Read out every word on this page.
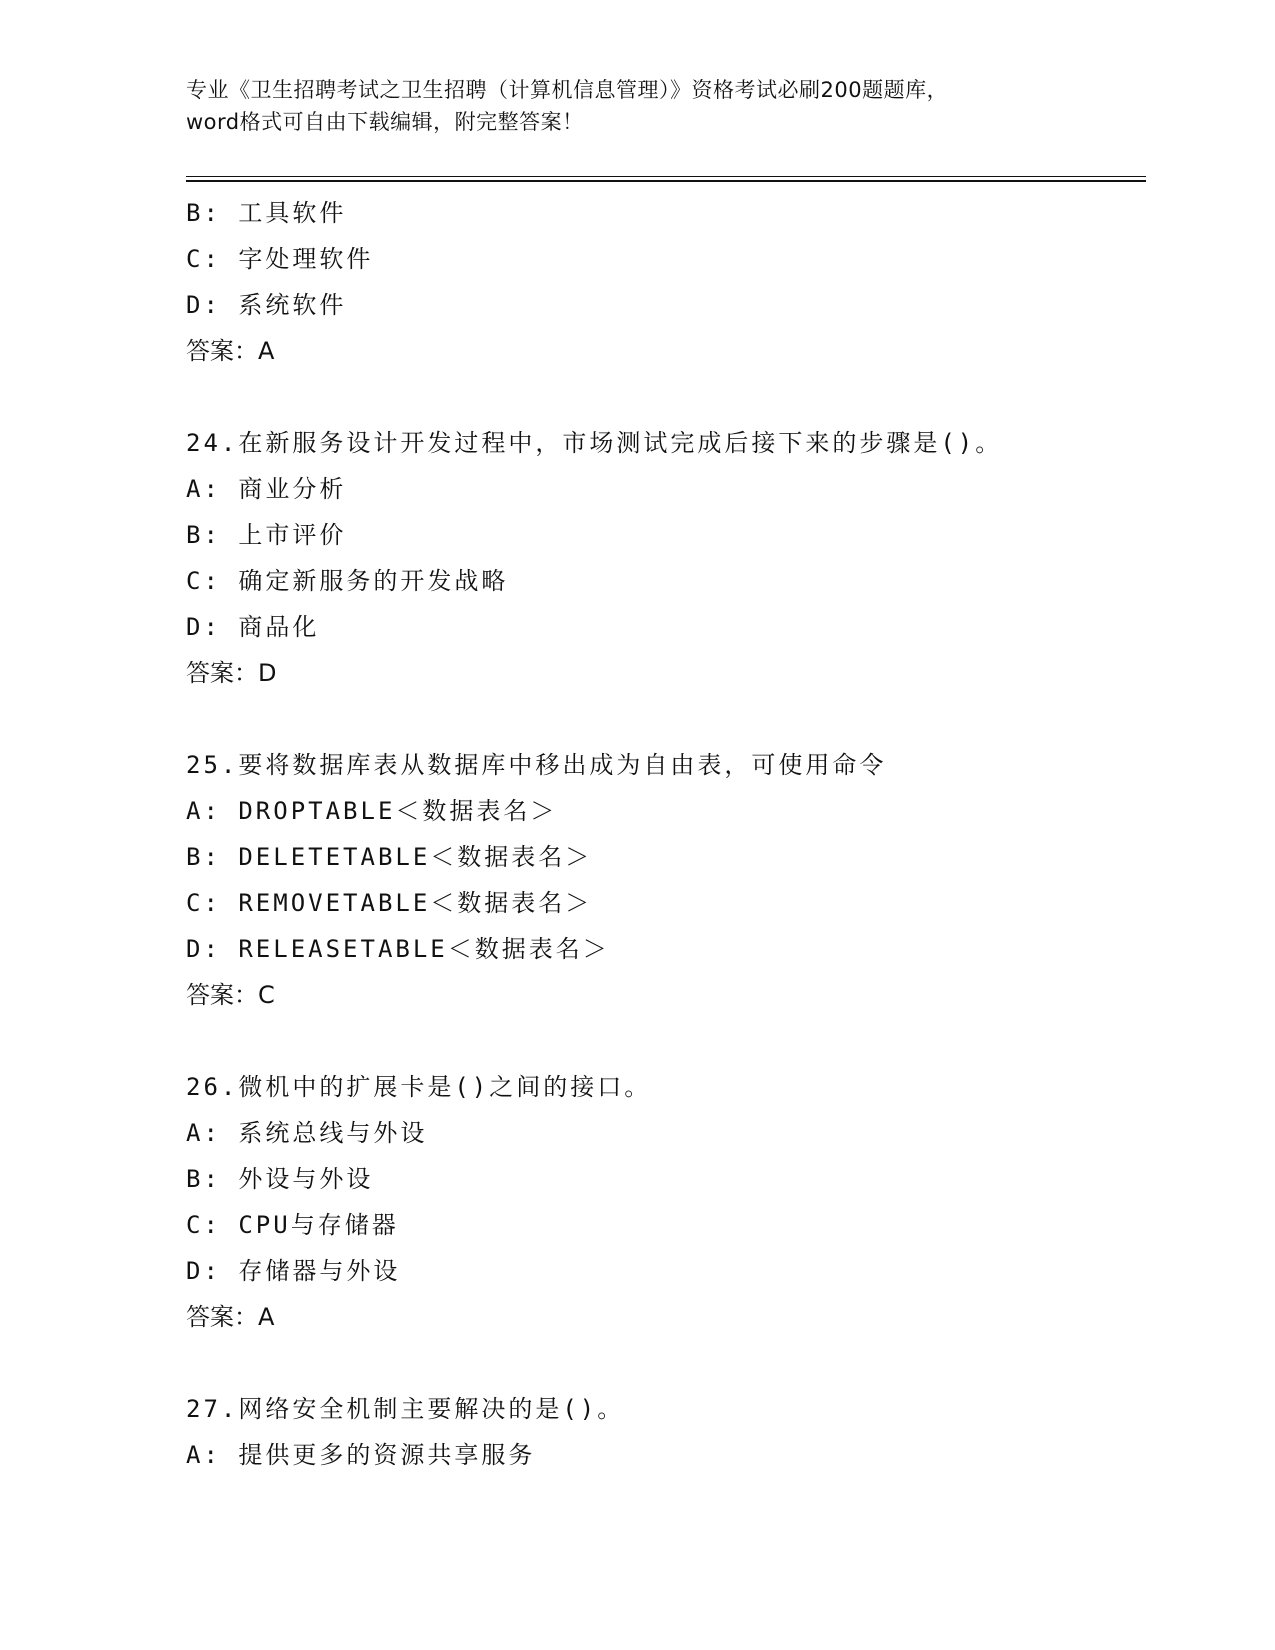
专业《卫生招聘考试之卫生招聘（计算机信息管理）》资格考试必刷200题题库，
word格式可自由下载编辑，附完整答案！
B: 工具软件
C: 字处理软件
D: 系统软件
答案：A
24.在新服务设计开发过程中，市场测试完成后接下来的步骤是()。
A: 商业分析
B: 上市评价
C: 确定新服务的开发战略
D: 商品化
答案：D
25.要将数据库表从数据库中移出成为自由表，可使用命令
A: DROPTABLE＜数据表名＞
B: DELETETABLE＜数据表名＞
C: REMOVETABLE＜数据表名＞
D: RELEASETABLE＜数据表名＞
答案：C
26.微机中的扩展卡是()之间的接口。
A: 系统总线与外设
B: 外设与外设
C: CPU与存储器
D: 存储器与外设
答案：A
27.网络安全机制主要解决的是()。
A: 提供更多的资源共享服务
